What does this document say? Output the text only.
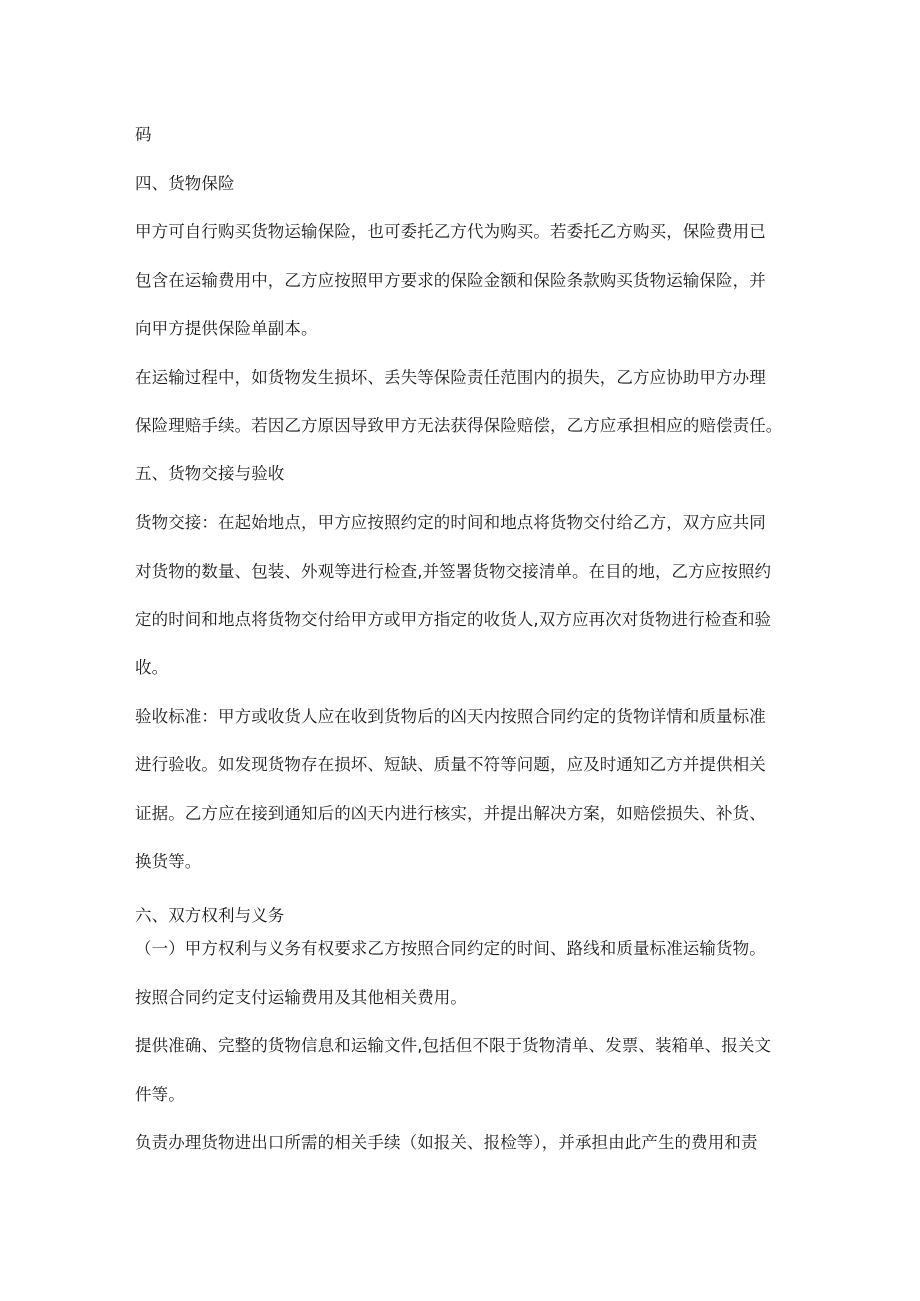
码
四、货物保险
甲方可自行购买货物运输保险，也可委托乙方代为购买。若委托乙方购买，保险费用已
包含在运输费用中，乙方应按照甲方要求的保险金额和保险条款购买货物运输保险，并
向甲方提供保险单副本。
在运输过程中，如货物发生损坏、丢失等保险责任范围内的损失，乙方应协助甲方办理
保险理赔手续。若因乙方原因导致甲方无法获得保险赔偿，乙方应承担相应的赔偿责任。
五、货物交接与验收
货物交接：在起始地点，甲方应按照约定的时间和地点将货物交付给乙方，双方应共同
对货物的数量、包装、外观等进行检查,并签署货物交接清单。在目的地，乙方应按照约
定的时间和地点将货物交付给甲方或甲方指定的收货人,双方应再次对货物进行检查和验
收。
验收标准：甲方或收货人应在收到货物后的凶天内按照合同约定的货物详情和质量标准
进行验收。如发现货物存在损坏、短缺、质量不符等问题，应及时通知乙方并提供相关
证据。乙方应在接到通知后的凶天内进行核实，并提出解决方案，如赔偿损失、补货、
换货等。
六、双方权利与义务
（一）甲方权利与义务有权要求乙方按照合同约定的时间、路线和质量标准运输货物。
按照合同约定支付运输费用及其他相关费用。
提供准确、完整的货物信息和运输文件,包括但不限于货物清单、发票、装箱单、报关文
件等。
负责办理货物进出口所需的相关手续（如报关、报检等），并承担由此产生的费用和责
